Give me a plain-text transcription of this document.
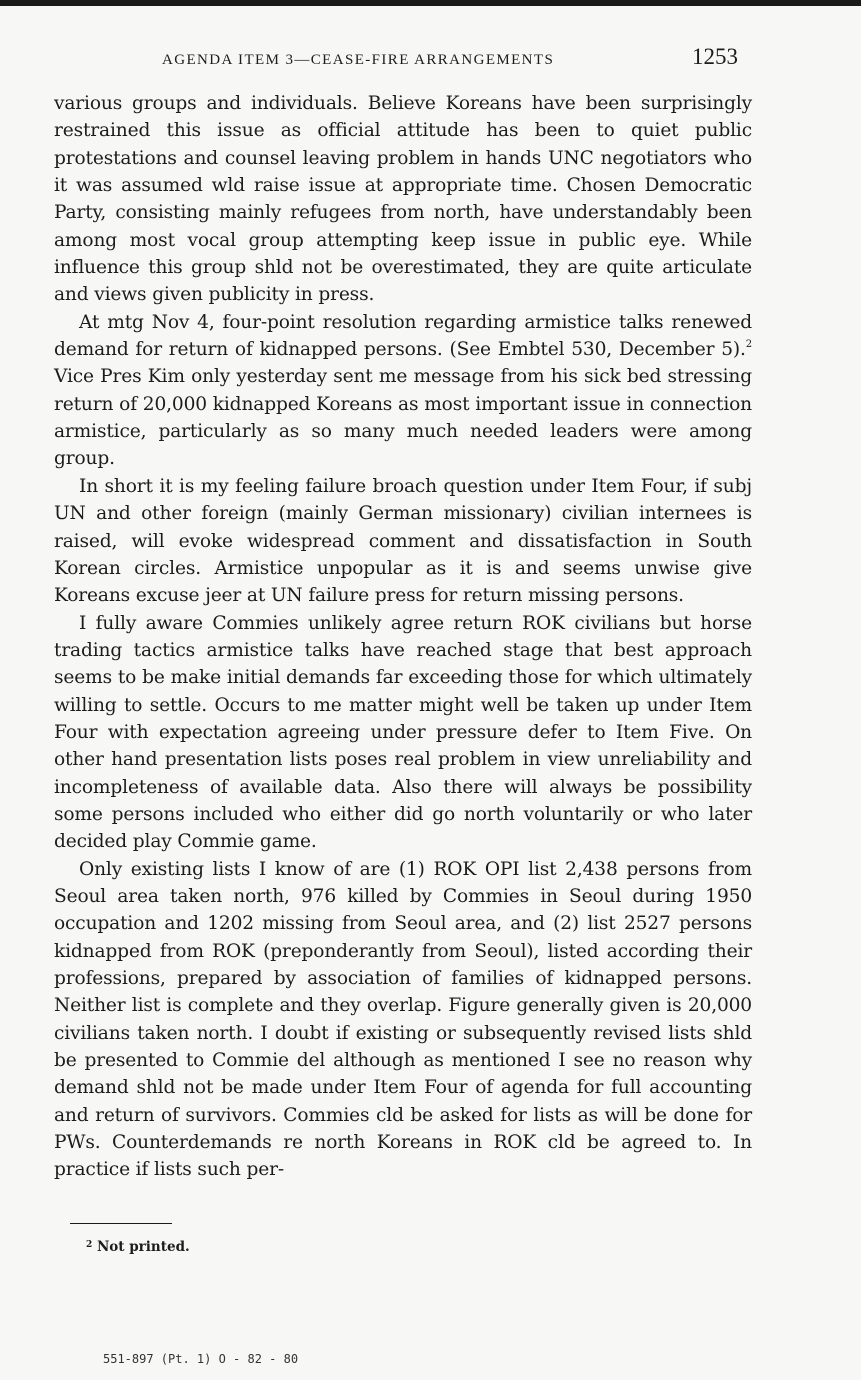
AGENDA ITEM 3—CEASE-FIRE ARRANGEMENTS	1253

various groups and individuals. Believe Koreans have been surprisingly restrained this issue as official attitude has been to quiet public protestations and counsel leaving problem in hands UNC negotiators who it was assumed wld raise issue at appropriate time. Chosen Democratic Party, consisting mainly refugees from north, have understandably been among most vocal group attempting keep issue in public eye. While influence this group shld not be overestimated, they are quite articulate and views given publicity in press.

At mtg Nov 4, four-point resolution regarding armistice talks renewed demand for return of kidnapped persons. (See Embtel 530, December 5).$^2$ Vice Pres Kim only yesterday sent me message from his sick bed stressing return of 20,000 kidnapped Koreans as most important issue in connection armistice, particularly as so many much needed leaders were among group.

In short it is my feeling failure broach question under Item Four, if subj UN and other foreign (mainly German missionary) civilian internees is raised, will evoke widespread comment and dissatisfaction in South Korean circles. Armistice unpopular as it is and seems unwise give Koreans excuse jeer at UN failure press for return missing persons.

I fully aware Commies unlikely agree return ROK civilians but horse trading tactics armistice talks have reached stage that best approach seems to be make initial demands far exceeding those for which ultimately willing to settle. Occurs to me matter might well be taken up under Item Four with expectation agreeing under pressure defer to Item Five. On other hand presentation lists poses real problem in view unreliability and incompleteness of available data. Also there will always be possibility some persons included who either did go north voluntarily or who later decided play Commie game.

Only existing lists I know of are (1) ROK OPI list 2,438 persons from Seoul area taken north, 976 killed by Commies in Seoul during 1950 occupation and 1202 missing from Seoul area, and (2) list 2527 persons kidnapped from ROK (preponderantly from Seoul), listed according their professions, prepared by association of families of kidnapped persons. Neither list is complete and they overlap. Figure generally given is 20,000 civilians taken north. I doubt if existing or subsequently revised lists shld be presented to Commie del although as mentioned I see no reason why demand shld not be made under Item Four of agenda for full accounting and return of survivors. Commies cld be asked for lists as will be done for PWs. Counterdemands re north Koreans in ROK cld be agreed to. In practice if lists such per-

$^2$ Not printed.
551-897 (Pt. 1) O - 82 - 80
